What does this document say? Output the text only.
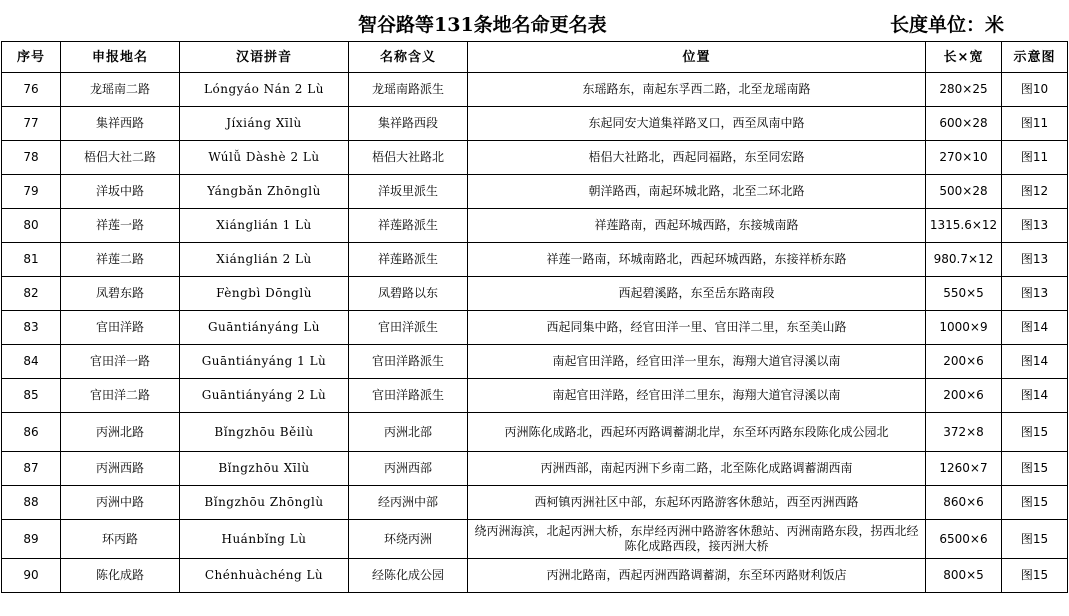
智谷路等131条地名命更名表	长度单位：米
序号	申报地名	汉语拼音	名称含义	位置	长×宽	示意图
76	龙瑶南二路	Lóngyáo Nán 2 Lù	龙瑶南路派生	东瑶路东，南起东孚西二路，北至龙瑶南路	280×25	图10
77	集祥西路	Jíxiáng Xīlù	集祥路西段	东起同安大道集祥路叉口，西至凤南中路	600×28	图11
78	梧侣大社二路	Wúlǚ Dàshè 2 Lù	梧侣大社路北	梧侣大社路北，西起同福路，东至同宏路	270×10	图11
79	洋坂中路	Yángbǎn Zhōnglù	洋坂里派生	朝洋路西，南起环城北路，北至二环北路	500×28	图12
80	祥莲一路	Xiánglián 1 Lù	祥莲路派生	祥莲路南，西起环城西路，东接城南路	1315.6×12	图13
81	祥莲二路	Xiánglián 2 Lù	祥莲路派生	祥莲一路南，环城南路北，西起环城西路，东接祥桥东路	980.7×12	图13
82	凤碧东路	Fèngbì Dōnglù	凤碧路以东	西起碧溪路，东至岳东路南段	550×5	图13
83	官田洋路	Guāntiányáng Lù	官田洋派生	西起同集中路，经官田洋一里、官田洋二里，东至美山路	1000×9	图14
84	官田洋一路	Guāntiányáng 1 Lù	官田洋路派生	南起官田洋路，经官田洋一里东，海翔大道官浔溪以南	200×6	图14
85	官田洋二路	Guāntiányáng 2 Lù	官田洋路派生	南起官田洋路，经官田洋二里东，海翔大道官浔溪以南	200×6	图14
86	丙洲北路	Bǐngzhōu Běilù	丙洲北部	丙洲陈化成路北，西起环丙路调蓄湖北岸，东至环丙路东段陈化成公园北	372×8	图15
87	丙洲西路	Bǐngzhōu Xīlù	丙洲西部	丙洲西部，南起丙洲下乡南二路，北至陈化成路调蓄湖西南	1260×7	图15
88	丙洲中路	Bǐngzhōu Zhōnglù	经丙洲中部	西柯镇丙洲社区中部，东起环丙路游客休憩站，西至丙洲西路	860×6	图15
89	环丙路	Huánbǐng Lù	环绕丙洲	绕丙洲海滨，北起丙洲大桥，东岸经丙洲中路游客休憩站、丙洲南路东段，拐西北经陈化成路西段，接丙洲大桥	6500×6	图15
90	陈化成路	Chénhuàchéng Lù	经陈化成公园	丙洲北路南，西起丙洲西路调蓄湖，东至环丙路财利饭店	800×5	图15
